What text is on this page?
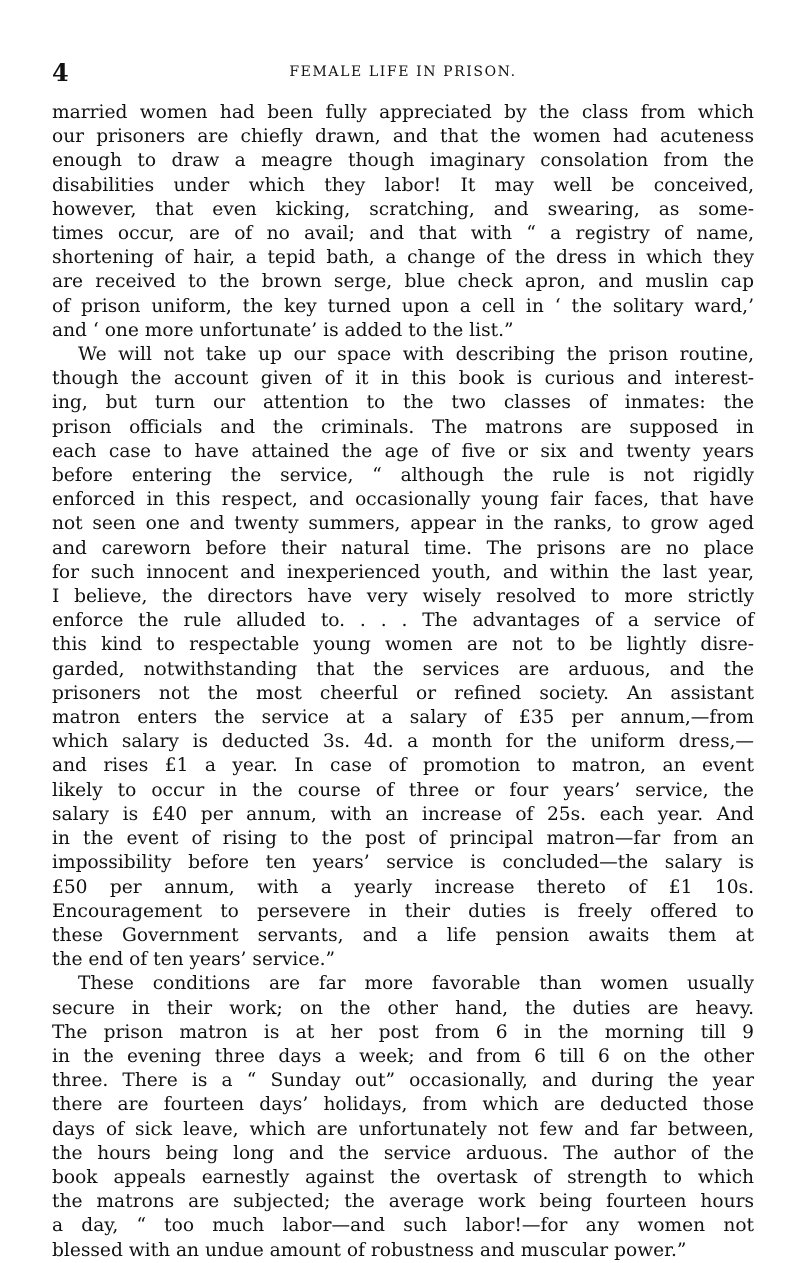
4	FEMALE LIFE IN PRISON.

married women had been fully appreciated by the class from which
our prisoners are chiefly drawn, and that the women had acuteness
enough to draw a meagre though imaginary consolation from the
disabilities under which they labor! It may well be conceived,
however, that even kicking, scratching, and swearing, as some-
times occur, are of no avail; and that with “ a registry of name,
shortening of hair, a tepid bath, a change of the dress in which they
are received to the brown serge, blue check apron, and muslin cap
of prison uniform, the key turned upon a cell in ‘ the solitary ward,’
and ‘ one more unfortunate’ is added to the list.”

We will not take up our space with describing the prison routine,
though the account given of it in this book is curious and interest-
ing, but turn our attention to the two classes of inmates: the
prison officials and the criminals. The matrons are supposed in
each case to have attained the age of five or six and twenty years
before entering the service, “ although the rule is not rigidly
enforced in this respect, and occasionally young fair faces, that have
not seen one and twenty summers, appear in the ranks, to grow aged
and careworn before their natural time. The prisons are no place
for such innocent and inexperienced youth, and within the last year,
I believe, the directors have very wisely resolved to more strictly
enforce the rule alluded to. . . . The advantages of a service of
this kind to respectable young women are not to be lightly disre-
garded, notwithstanding that the services are arduous, and the
prisoners not the most cheerful or refined society. An assistant
matron enters the service at a salary of £35 per annum,—from
which salary is deducted 3s. 4d. a month for the uniform dress,—
and rises £1 a year. In case of promotion to matron, an event
likely to occur in the course of three or four years’ service, the
salary is £40 per annum, with an increase of 25s. each year. And
in the event of rising to the post of principal matron—far from an
impossibility before ten years’ service is concluded—the salary is
£50 per annum, with a yearly increase thereto of £1 10s.
Encouragement to persevere in their duties is freely offered to
these Government servants, and a life pension awaits them at
the end of ten years’ service.”

These conditions are far more favorable than women usually
secure in their work; on the other hand, the duties are heavy.
The prison matron is at her post from 6 in the morning till 9
in the evening three days a week; and from 6 till 6 on the other
three. There is a “ Sunday out” occasionally, and during the year
there are fourteen days’ holidays, from which are deducted those
days of sick leave, which are unfortunately not few and far between,
the hours being long and the service arduous. The author of the
book appeals earnestly against the overtask of strength to which
the matrons are subjected; the average work being fourteen hours
a day, “ too much labor—and such labor!—for any women not
blessed with an undue amount of robustness and muscular power.”
